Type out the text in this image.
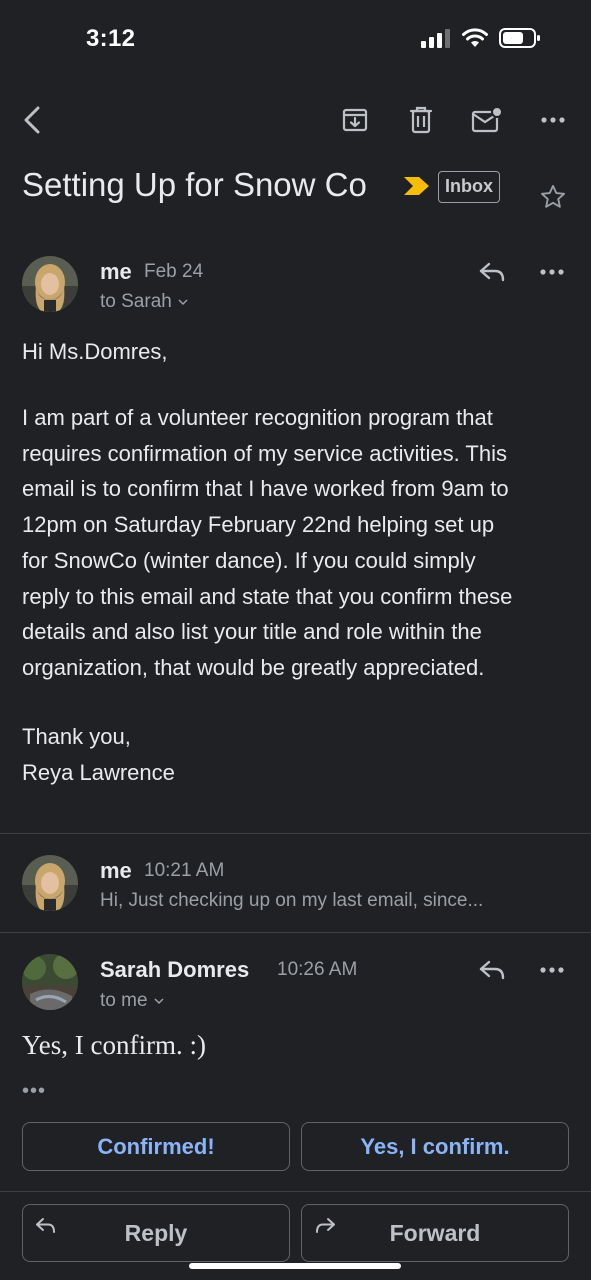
3:12
Setting Up for Snow Co	Inbox
me Feb 24
to Sarah
Hi Ms.Domres,
I am part of a volunteer recognition program that
requires confirmation of my service activities. This
email is to confirm that I have worked from 9am to
12pm on Saturday February 22nd helping set up
for SnowCo (winter dance). If you could simply
reply to this email and state that you confirm these
details and also list your title and role within the
organization, that would be greatly appreciated.
Thank you,
Reya Lawrence
me 10:21 AM
Hi, Just checking up on my last email, since...
Sarah Domres 10:26 AM
to me
Yes, I confirm. :)
•••
Confirmed!	Yes, I confirm.
Reply	Forward
